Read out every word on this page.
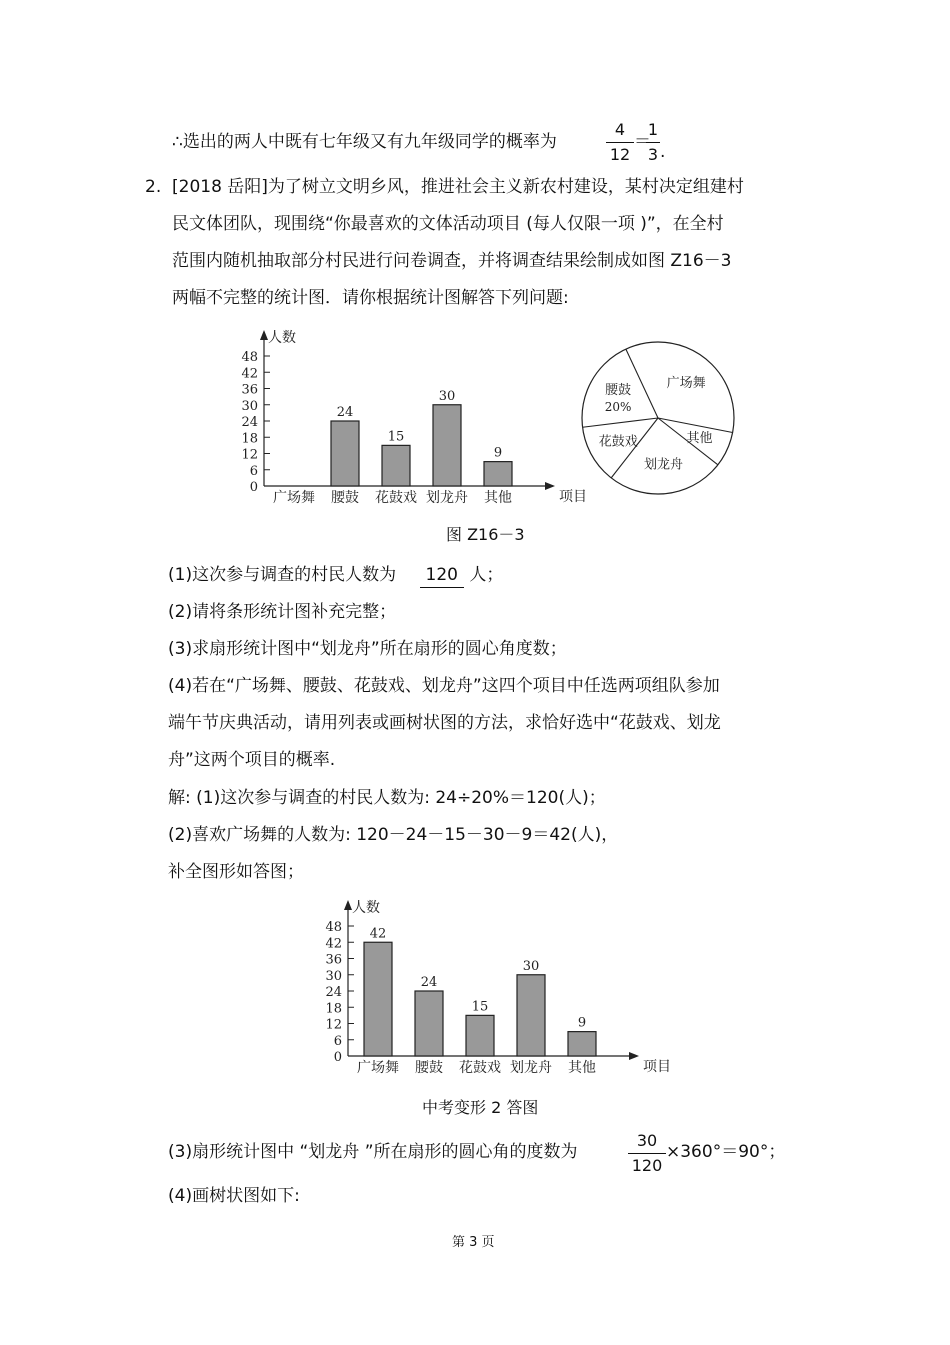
∴选出的两人中既有七年级又有九年级同学的概率为
4
12
＝
1
3 .
2. [2018 岳阳]为了树立文明乡风，推进社会主义新农村建设，某村决定组建村
民文体团队，现围绕“你最喜欢的文体活动项目 (每人仅限一项 )”，在全村
范围内随机抽取部分村民进行问卷调查，并将调查结果绘制成如图 Z16－3
两幅不完整的统计图．请你根据统计图解答下列问题:
人数
项目
0
6
12
18
24
30
36
42
48
广场舞 腰鼓
24
花鼓戏
15
划龙舟
30
其他
9
广场舞
其他
划龙舟
花鼓戏
腰鼓
20%
图 Z16－3
(1)这次参与调查的村民人数为 120 人；
(2)请将条形统计图补充完整；
(3)求扇形统计图中“划龙舟”所在扇形的圆心角度数；
(4)若在“广场舞、腰鼓、花鼓戏、划龙舟”这四个项目中任选两项组队参加
端午节庆典活动，请用列表或画树状图的方法，求恰好选中“花鼓戏、划龙
舟”这两个项目的概率.
解: (1)这次参与调查的村民人数为: 24÷20%＝120(人)；
(2)喜欢广场舞的人数为: 120－24－15－30－9＝42(人)，
补全图形如答图；
人数
项目
0
6
12
18
24
30
36
42
48
广场舞
42
腰鼓
24
花鼓戏
15
划龙舟
30
其他
9
中考变形 2 答图
(3)扇形统计图中 “划龙舟 ”所在扇形的圆心角的度数为
30
120
×360°＝90°；
(4)画树状图如下:
第 3 页
